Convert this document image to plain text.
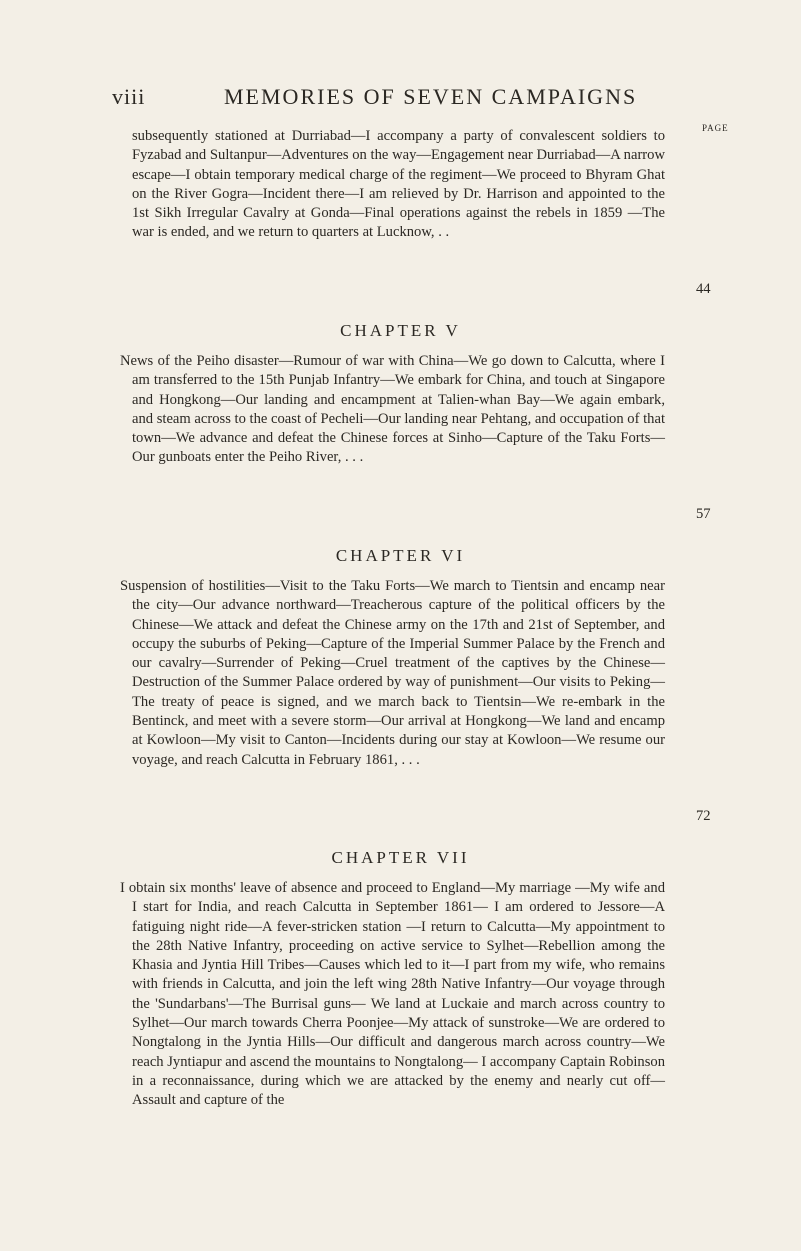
viii	MEMORIES OF SEVEN CAMPAIGNS
PAGE
subsequently stationed at Durriabad—I accompany a party of convalescent soldiers to Fyzabad and Sultanpur—Adventures on the way—Engagement near Durriabad—A narrow escape—I obtain temporary medical charge of the regiment—We proceed to Bhyram Ghat on the River Gogra—Incident there—I am relieved by Dr. Harrison and appointed to the 1st Sikh Irregular Cavalry at Gonda—Final operations against the rebels in 1859 —The war is ended, and we return to quarters at Lucknow, . .
44
CHAPTER V
News of the Peiho disaster—Rumour of war with China—We go down to Calcutta, where I am transferred to the 15th Punjab Infantry—We embark for China, and touch at Singapore and Hongkong—Our landing and encampment at Talien-whan Bay—We again embark, and steam across to the coast of Pecheli—Our landing near Pehtang, and occupation of that town—We advance and defeat the Chinese forces at Sinho—Capture of the Taku Forts—Our gunboats enter the Peiho River, . . .
57
CHAPTER VI
Suspension of hostilities—Visit to the Taku Forts—We march to Tientsin and encamp near the city—Our advance northward—Treacherous capture of the political officers by the Chinese—We attack and defeat the Chinese army on the 17th and 21st of September, and occupy the suburbs of Peking—Capture of the Imperial Summer Palace by the French and our cavalry—Surrender of Peking—Cruel treatment of the captives by the Chinese—Destruction of the Summer Palace ordered by way of punishment—Our visits to Peking—The treaty of peace is signed, and we march back to Tientsin—We re-embark in the Bentinck, and meet with a severe storm—Our arrival at Hongkong—We land and encamp at Kowloon—My visit to Canton—Incidents during our stay at Kowloon—We resume our voyage, and reach Calcutta in February 1861, . . .
72
CHAPTER VII
I obtain six months' leave of absence and proceed to England—My marriage —My wife and I start for India, and reach Calcutta in September 1861— I am ordered to Jessore—A fatiguing night ride—A fever-stricken station —I return to Calcutta—My appointment to the 28th Native Infantry, proceeding on active service to Sylhet—Rebellion among the Khasia and Jyntia Hill Tribes—Causes which led to it—I part from my wife, who remains with friends in Calcutta, and join the left wing 28th Native Infantry—Our voyage through the 'Sundarbans'—The Burrisal guns— We land at Luckaie and march across country to Sylhet—Our march towards Cherra Poonjee—My attack of sunstroke—We are ordered to Nongtalong in the Jyntia Hills—Our difficult and dangerous march across country—We reach Jyntiapur and ascend the mountains to Nongtalong— I accompany Captain Robinson in a reconnaissance, during which we are attacked by the enemy and nearly cut off—Assault and capture of the
